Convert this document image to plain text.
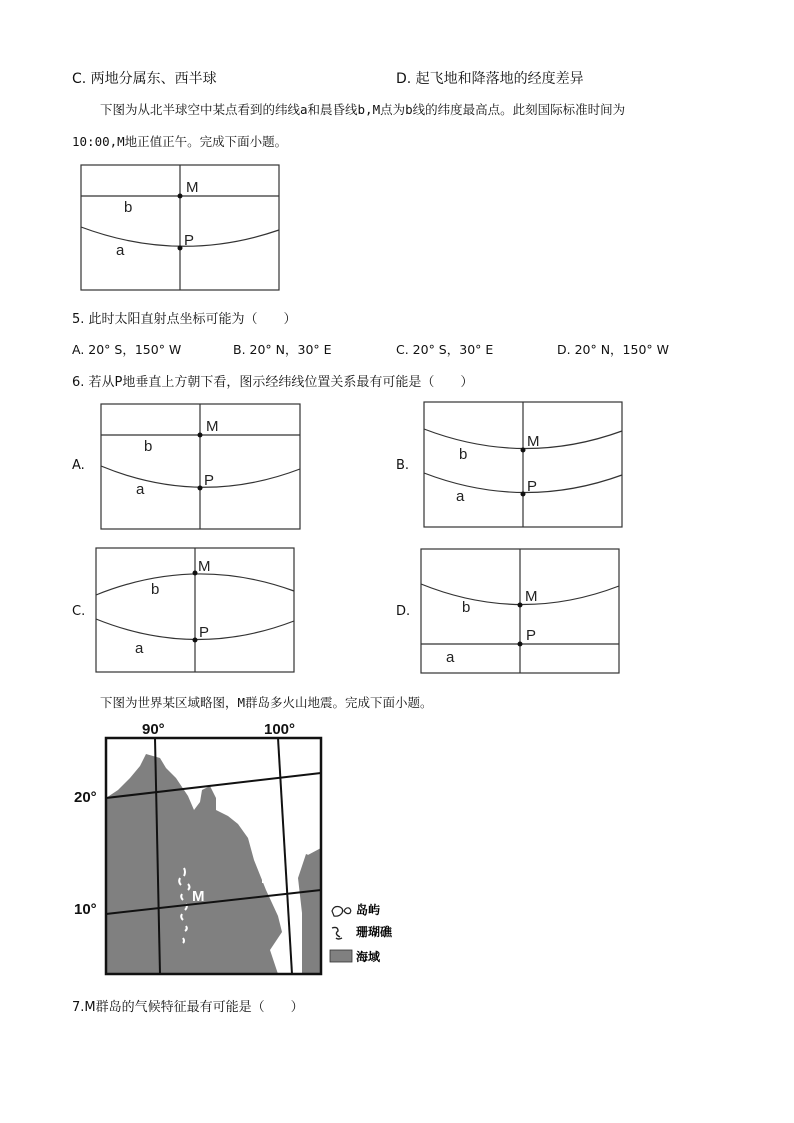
C. 两地分属东、西半球	D. 起飞地和降落地的经度差异
下图为从北半球空中某点看到的纬线a和晨昏线b,M点为b线的纬度最高点。此刻国际标准时间为
10:00,M地正值正午。完成下面小题。
M
P
b
a
5. 此时太阳直射点坐标可能为（　　）
A. 20° S，150° W	B. 20° N，30° E	C. 20° S，30° E	D. 20° N，150° W
6. 若从P地垂直上方朝下看，图示经纬线位置关系最有可能是（　　）
A.
M
P
b
a
B.
M
P
b
a
C.
M
P
b
a
D.
M
P
b
a
下图为世界某区域略图，M群岛多火山地震。完成下面小题。
90°	100°
20°
10°
M
岛屿
珊瑚礁
海域
7.M群岛的气候特征最有可能是（　　）
